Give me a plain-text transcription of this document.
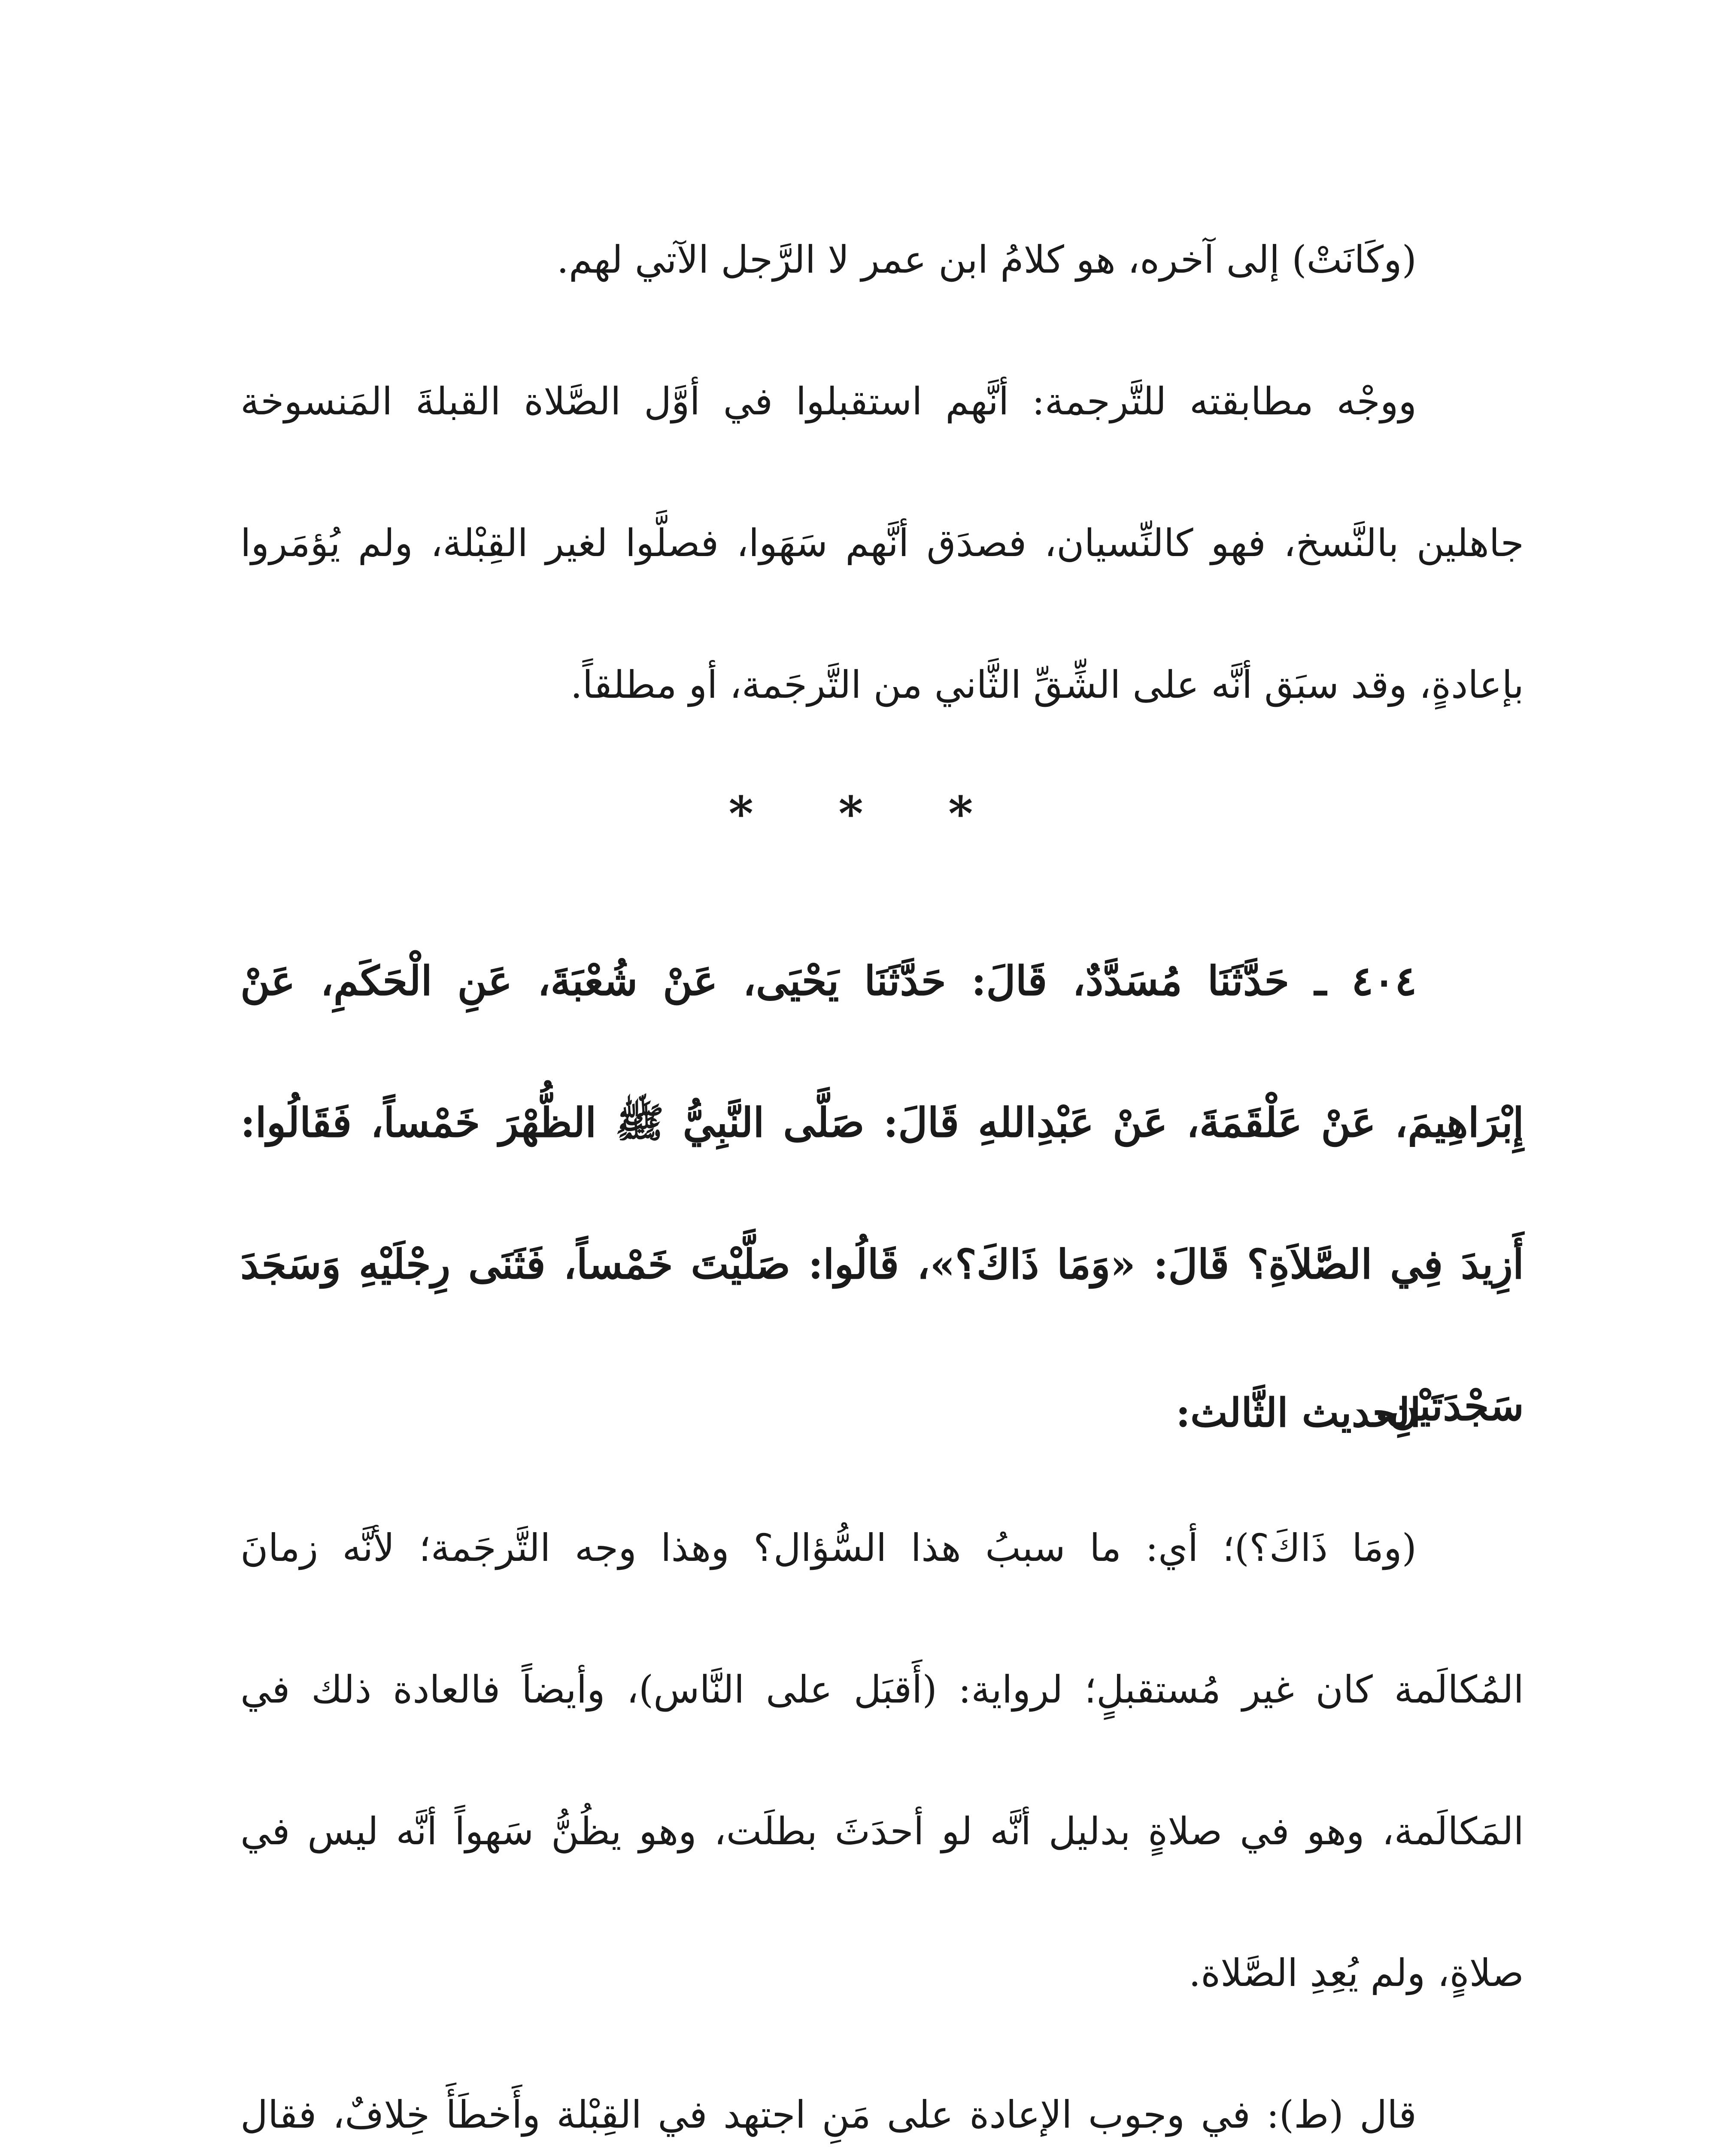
(وكَانَتْ) إلى آخره، هو كلامُ ابن عمر لا الرَّجل الآتي لهم.

ووجْه مطابقته للتَّرجمة: أنَّهم استقبلوا في أوَّل الصَّلاة القبلةَ المَنسوخة جاهلين بالنَّسخ، فهو كالنِّسيان، فصدَق أنَّهم سَهَوا، فصلَّوا لغير القِبْلة، ولم يُؤمَروا بإعادةٍ، وقد سبَق أنَّه على الشِّقِّ الثَّاني من التَّرجَمة، أو مطلقاً.

* * *

٤٠٤ ـ حَدَّثَنَا مُسَدَّدٌ، قَالَ: حَدَّثَنَا يَحْيَى، عَنْ شُعْبَةَ، عَنِ الْحَكَمِ، عَنْ إِبْرَاهِيمَ، عَنْ عَلْقَمَةَ، عَنْ عَبْدِاللهِ قَالَ: صَلَّى النَّبِيُّ ﷺ الظُّهْرَ خَمْساً، فَقَالُوا: أَزِيدَ فِي الصَّلاَةِ؟ قَالَ: «وَمَا ذَاكَ؟»، قَالُوا: صَلَّيْتَ خَمْساً، فَثَنَى رِجْلَيْهِ وَسَجَدَ سَجْدَتَيْنِ.

الحديث الثَّالث:

(ومَا ذَاكَ؟)؛ أي: ما سببُ هذا السُّؤال؟ وهذا وجه التَّرجَمة؛ لأنَّه زمانَ المُكالَمة كان غير مُستقبلٍ؛ لرواية: (أَقبَل على النَّاس)، وأيضاً فالعادة ذلك في المَكالَمة، وهو في صلاةٍ بدليل أنَّه لو أحدَثَ بطلَت، وهو يظُنُّ سَهواً أنَّه ليس في صلاةٍ، ولم يُعِدِ الصَّلاة.

قال (ط): في وجوب الإعادة على مَنِ اجتهد في القِبْلة وأَخطَأَ خِلافٌ، فقال
